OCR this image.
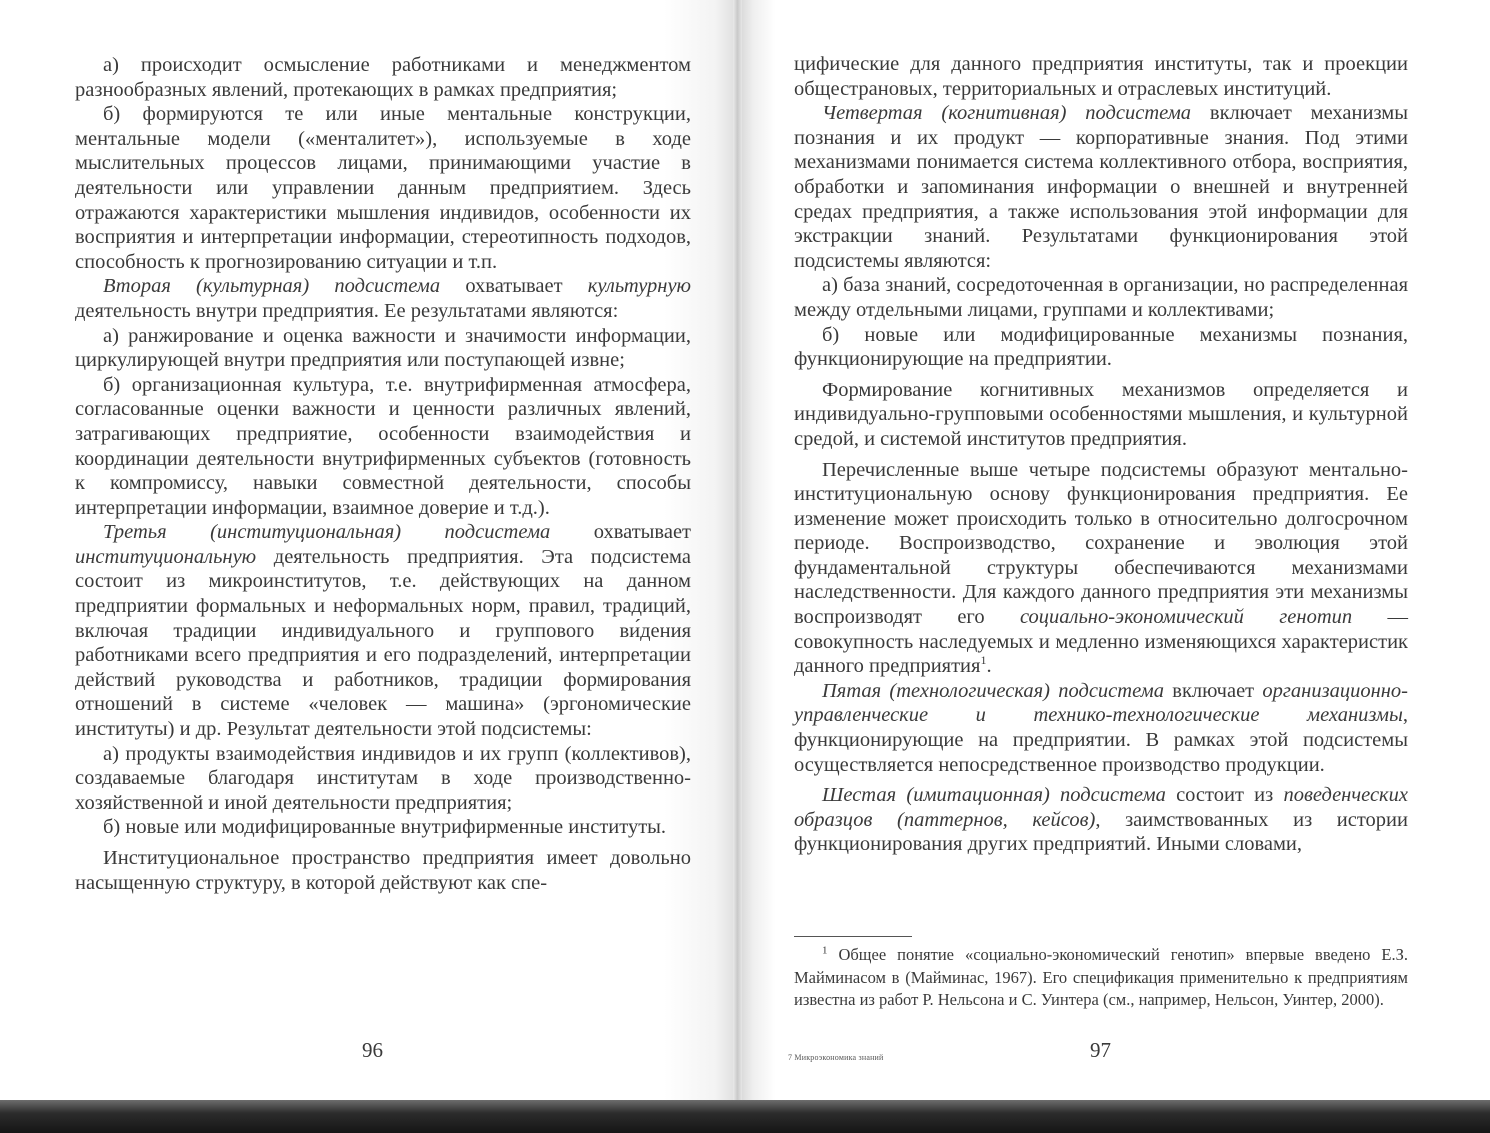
а) происходит осмысление работниками и менеджментом разнообразных явлений, протекающих в рамках предприятия;

б) формируются те или иные ментальные конструкции, ментальные модели («менталитет»), используемые в ходе мыслительных процессов лицами, принимающими участие в деятельности или управлении данным предприятием. Здесь отражаются характеристики мышления индивидов, особенности их восприятия и интерпретации информации, стереотипность подходов, способность к прогнозированию ситуации и т.п.

Вторая (культурная) подсистема охватывает культурную деятельность внутри предприятия. Ее результатами являются:

а) ранжирование и оценка важности и значимости информации, циркулирующей внутри предприятия или поступающей извне;

б) организационная культура, т.е. внутрифирменная атмосфера, согласованные оценки важности и ценности различных явлений, затрагивающих предприятие, особенности взаимодействия и координации деятельности внутрифирменных субъектов (готовность к компромиссу, навыки совместной деятельности, способы интерпретации информации, взаимное доверие и т.д.).

Третья (институциональная) подсистема охватывает институциональную деятельность предприятия. Эта подсистема состоит из микроинститутов, т.е. действующих на данном предприятии формальных и неформальных норм, правил, традиций, включая традиции индивидуального и группового ви́дения работниками всего предприятия и его подразделений, интерпретации действий руководства и работников, традиции формирования отношений в системе «человек — машина» (эргономические институты) и др. Результат деятельности этой подсистемы:

а) продукты взаимодействия индивидов и их групп (коллективов), создаваемые благодаря институтам в ходе производственно-хозяйственной и иной деятельности предприятия;

б) новые или модифицированные внутрифирменные институты.

Институциональное пространство предприятия имеет довольно насыщенную структуру, в которой действуют как спе-

96

цифические для данного предприятия институты, так и проекции общестрановых, территориальных и отраслевых институций.

Четвертая (когнитивная) подсистема включает механизмы познания и их продукт — корпоративные знания. Под этими механизмами понимается система коллективного отбора, восприятия, обработки и запоминания информации о внешней и внутренней средах предприятия, а также использования этой информации для экстракции знаний. Результатами функционирования этой подсистемы являются:

а) база знаний, сосредоточенная в организации, но распределенная между отдельными лицами, группами и коллективами;

б) новые или модифицированные механизмы познания, функционирующие на предприятии.

Формирование когнитивных механизмов определяется и индивидуально-групповыми особенностями мышления, и культурной средой, и системой институтов предприятия.

Перечисленные выше четыре подсистемы образуют ментально-институциональную основу функционирования предприятия. Ее изменение может происходить только в относительно долгосрочном периоде. Воспроизводство, сохранение и эволюция этой фундаментальной структуры обеспечиваются механизмами наследственности. Для каждого данного предприятия эти механизмы воспроизводят его социально-экономический генотип — совокупность наследуемых и медленно изменяющихся характеристик данного предприятия$^1$.

Пятая (технологическая) подсистема включает организационно-управленческие и технико-технологические механизмы, функционирующие на предприятии. В рамках этой подсистемы осуществляется непосредственное производство продукции.

Шестая (имитационная) подсистема состоит из поведенческих образцов (паттернов, кейсов), заимствованных из истории функционирования других предприятий. Иными словами,

$^1$ Общее понятие «социально-экономический генотип» впервые введено Е.З. Майминасом в (Майминас, 1967). Его спецификация применительно к предприятиям известна из работ Р. Нельсона и С. Уинтера (см., например, Нельсон, Уинтер, 2000).

7 Микроэкономика знаний	97
